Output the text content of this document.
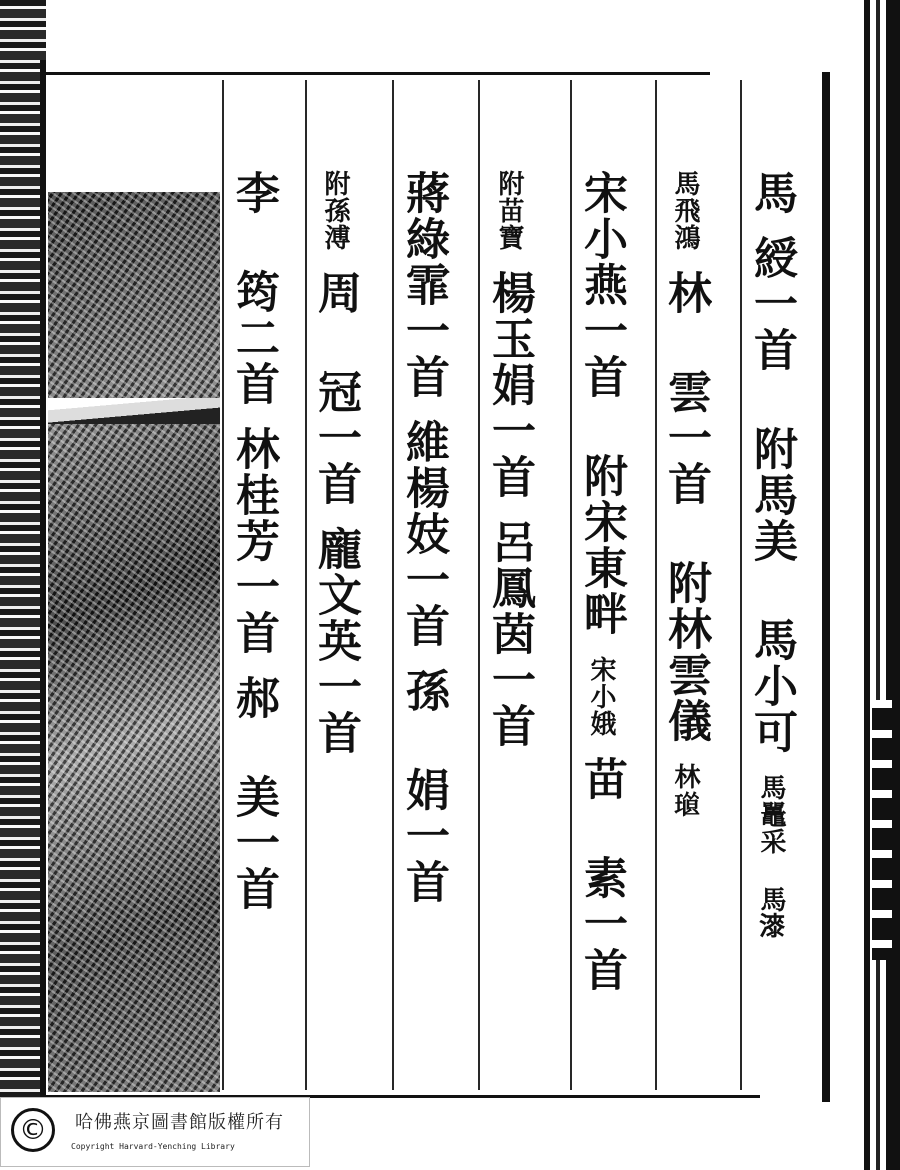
馬 綬一首 附馬美 馬小可 馬鼉采 馬𣾰
馬飛鴻 林 雲一首 附林雲儀 林𤨜
宋小燕一首 附宋東畔 宋小娥 苗 素一首
附苗寶 楊玉娟一首 呂鳳茵一首
蔣綠霏一首 維楊妓一首 孫 娟一首
附孫溥 周 冠一首 龐文英一首
李 筠二首 林桂芳一首 郝 美一首
©	哈佛燕京圖書館版權所有
Copyright Harvard-Yenching Library
